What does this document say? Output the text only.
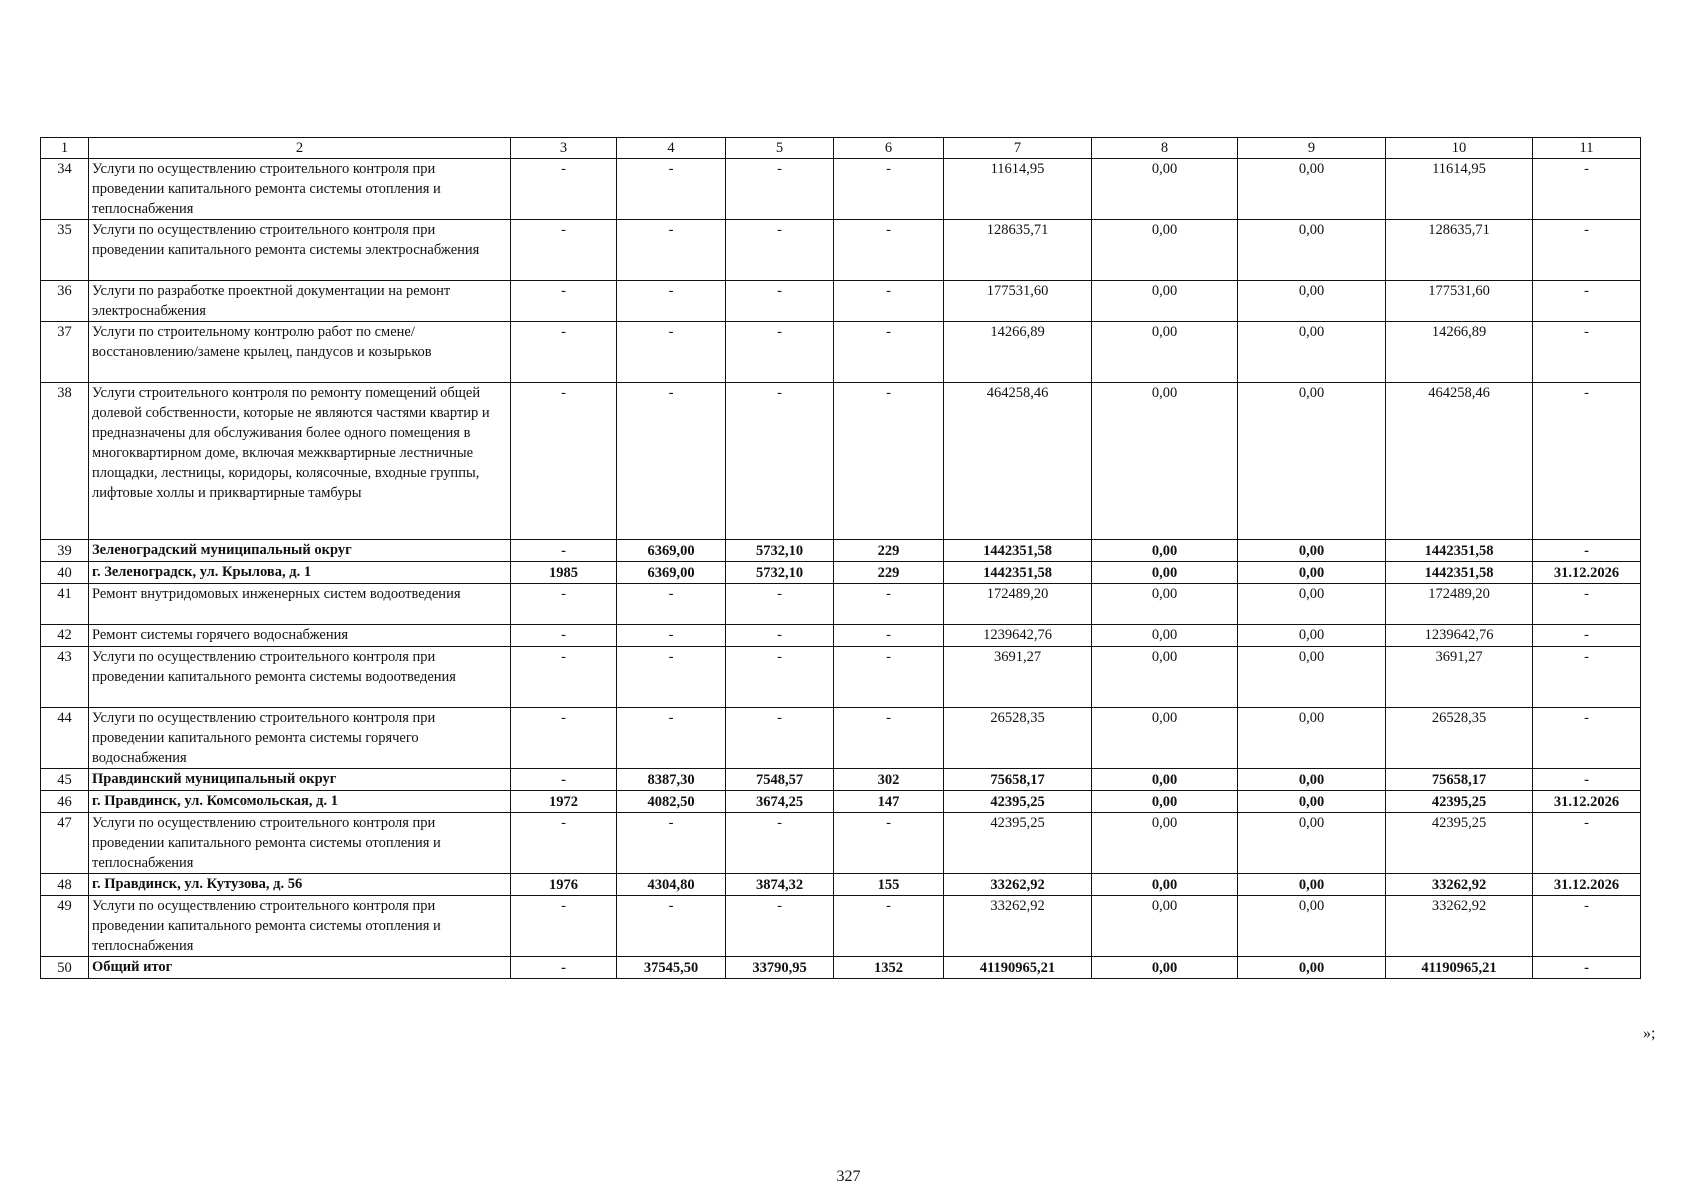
1	2	3	4	5	6	7	8	9	10	11
34	Услуги по осуществлению строительного контроля при проведении капитального ремонта системы отопления и теплоснабжения	-	-	-	-	11614,95	0,00	0,00	11614,95	-
35	Услуги по осуществлению строительного контроля при проведении капитального ремонта системы электроснабжения	-	-	-	-	128635,71	0,00	0,00	128635,71	-
36	Услуги по разработке проектной документации на ремонт электроснабжения	-	-	-	-	177531,60	0,00	0,00	177531,60	-
37	Услуги по строительному контролю работ по смене/восстановлению/замене крылец, пандусов и козырьков	-	-	-	-	14266,89	0,00	0,00	14266,89	-
38	Услуги строительного контроля по ремонту помещений общей долевой собственности, которые не являются частями квартир и предназначены для обслуживания более одного помещения в многоквартирном доме, включая межквартирные лестничные площадки, лестницы, коридоры, колясочные, входные группы, лифтовые холлы и приквартирные тамбуры	-	-	-	-	464258,46	0,00	0,00	464258,46	-
39	Зеленоградский муниципальный округ	-	6369,00	5732,10	229	1442351,58	0,00	0,00	1442351,58	-
40	г. Зеленоградск, ул. Крылова, д. 1	1985	6369,00	5732,10	229	1442351,58	0,00	0,00	1442351,58	31.12.2026
41	Ремонт внутридомовых инженерных систем водоотведения	-	-	-	-	172489,20	0,00	0,00	172489,20	-
42	Ремонт системы горячего водоснабжения	-	-	-	-	1239642,76	0,00	0,00	1239642,76	-
43	Услуги по осуществлению строительного контроля при проведении капитального ремонта системы водоотведения	-	-	-	-	3691,27	0,00	0,00	3691,27	-
44	Услуги по осуществлению строительного контроля при проведении капитального ремонта системы горячего водоснабжения	-	-	-	-	26528,35	0,00	0,00	26528,35	-
45	Правдинский муниципальный округ	-	8387,30	7548,57	302	75658,17	0,00	0,00	75658,17	-
46	г. Правдинск, ул. Комсомольская, д. 1	1972	4082,50	3674,25	147	42395,25	0,00	0,00	42395,25	31.12.2026
47	Услуги по осуществлению строительного контроля при проведении капитального ремонта системы отопления и теплоснабжения	-	-	-	-	42395,25	0,00	0,00	42395,25	-
48	г. Правдинск, ул. Кутузова, д. 56	1976	4304,80	3874,32	155	33262,92	0,00	0,00	33262,92	31.12.2026
49	Услуги по осуществлению строительного контроля при проведении капитального ремонта системы отопления и теплоснабжения	-	-	-	-	33262,92	0,00	0,00	33262,92	-
50	Общий итог	-	37545,50	33790,95	1352	41190965,21	0,00	0,00	41190965,21	-
»;
327
